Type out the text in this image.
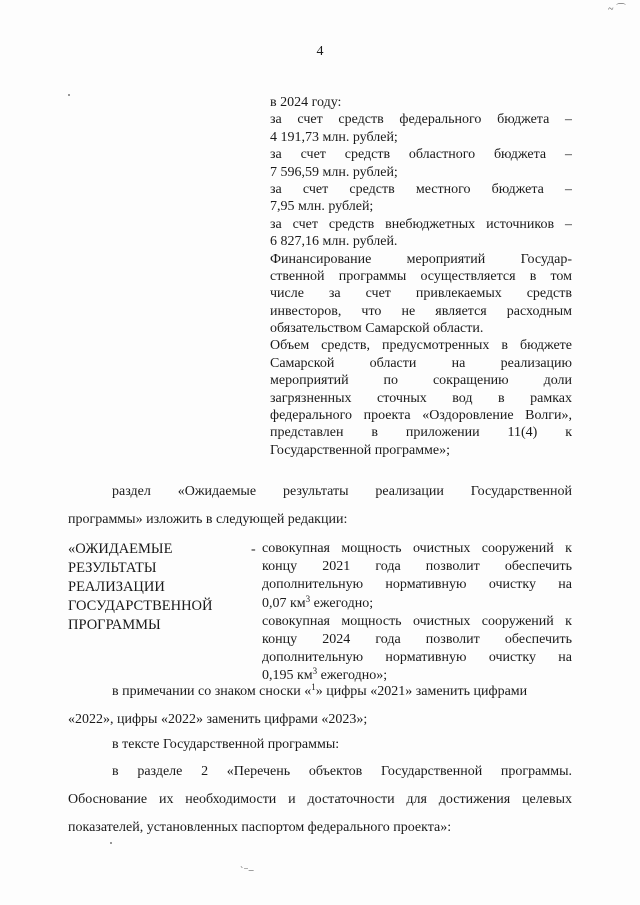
~ ⌒
4
в 2024 году:
за счет средств федерального бюджета –
4 191,73 млн. рублей;
за счет средств областного бюджета –
7 596,59 млн. рублей;
за счет средств местного бюджета –
7,95 млн. рублей;
за счет средств внебюджетных источников –
6 827,16 млн. рублей.
Финансирование мероприятий Государ-
ственной программы осуществляется в том
числе за счет привлекаемых средств
инвесторов, что не является расходным
обязательством Самарской области.
Объем средств, предусмотренных в бюджете
Самарской области на реализацию
мероприятий по сокращению доли
загрязненных сточных вод в рамках
федерального проекта «Оздоровление Волги»,
представлен в приложении 11(4) к
Государственной программе»;
раздел «Ожидаемые результаты реализации Государственной
программы» изложить в следующей редакции:
«ОЖИДАЕМЫЕ
РЕЗУЛЬТАТЫ
РЕАЛИЗАЦИИ
ГОСУДАРСТВЕННОЙ
ПРОГРАММЫ
- совокупная мощность очистных сооружений к
концу 2021 года позволит обеспечить
дополнительную нормативную очистку на
0,07 $км^3$ ежегодно;
совокупная мощность очистных сооружений к
концу 2024 года позволит обеспечить
дополнительную нормативную очистку на
0,195 $км^3$ ежегодно»;
в примечании со знаком сноски «$^1$» цифры «2021» заменить цифрами
«2022», цифры «2022» заменить цифрами «2023»;
в тексте Государственной программы:
в разделе 2 «Перечень объектов Государственной программы.
Обоснование их необходимости и достаточности для достижения целевых
показателей, установленных паспортом федерального проекта»:
`⁻ ̶
